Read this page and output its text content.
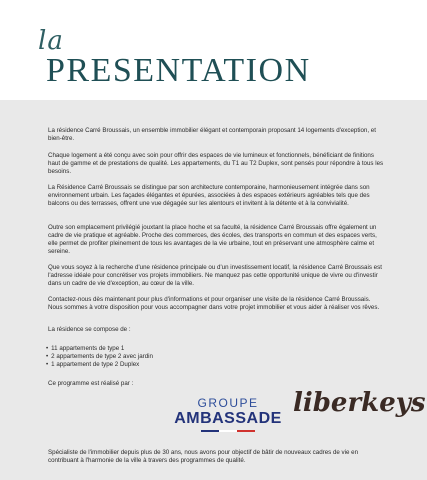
la
PRESENTATION

La résidence Carré Broussais, un ensemble immobilier élégant et contemporain proposant 14 logements d'exception, et bien-être.

Chaque logement a été conçu avec soin pour offrir des espaces de vie lumineux et fonctionnels, bénéficiant de finitions haut de gamme et de prestations de qualité. Les appartements, du T1 au T2 Duplex, sont pensés pour répondre à tous les besoins.

La Résidence Carré Broussais se distingue par son architecture contemporaine, harmonieusement intégrée dans son environnement urbain. Les façades élégantes et épurées, associées à des espaces extérieurs agréables tels que des balcons ou des terrasses, offrent une vue dégagée sur les alentours et invitent à la détente et à la convivialité.

Outre son emplacement privilégié jouxtant la place hoche et sa faculté, la résidence Carré Broussais offre également un cadre de vie pratique et agréable. Proche des commerces, des écoles, des transports en commun et des espaces verts, elle permet de profiter pleinement de tous les avantages de la vie urbaine, tout en préservant une atmosphère calme et sereine.

Que vous soyez à la recherche d'une résidence principale ou d'un investissement locatif, la résidence Carré Broussais est l'adresse idéale pour concrétiser vos projets immobiliers. Ne manquez pas cette opportunité unique de vivre ou d'investir dans un cadre de vie d'exception, au cœur de la ville.

Contactez-nous dès maintenant pour plus d'informations et pour organiser une visite de la résidence Carré Broussais. Nous sommes à votre disposition pour vous accompagner dans votre projet immobilier et vous aider à réaliser vos rêves.

La résidence se compose de :

• 11 appartements de type 1
• 2 appartements de type 2 avec jardin
• 1 appartement de type 2 Duplex

Ce programme est réalisé par :

GROUPE
AMBASSADE
liberkeys

Spécialiste de l'immobilier depuis plus de 30 ans, nous avons pour objectif de bâtir de nouveaux cadres de vie en contribuant à l'harmonie de la ville à travers des programmes de qualité.
